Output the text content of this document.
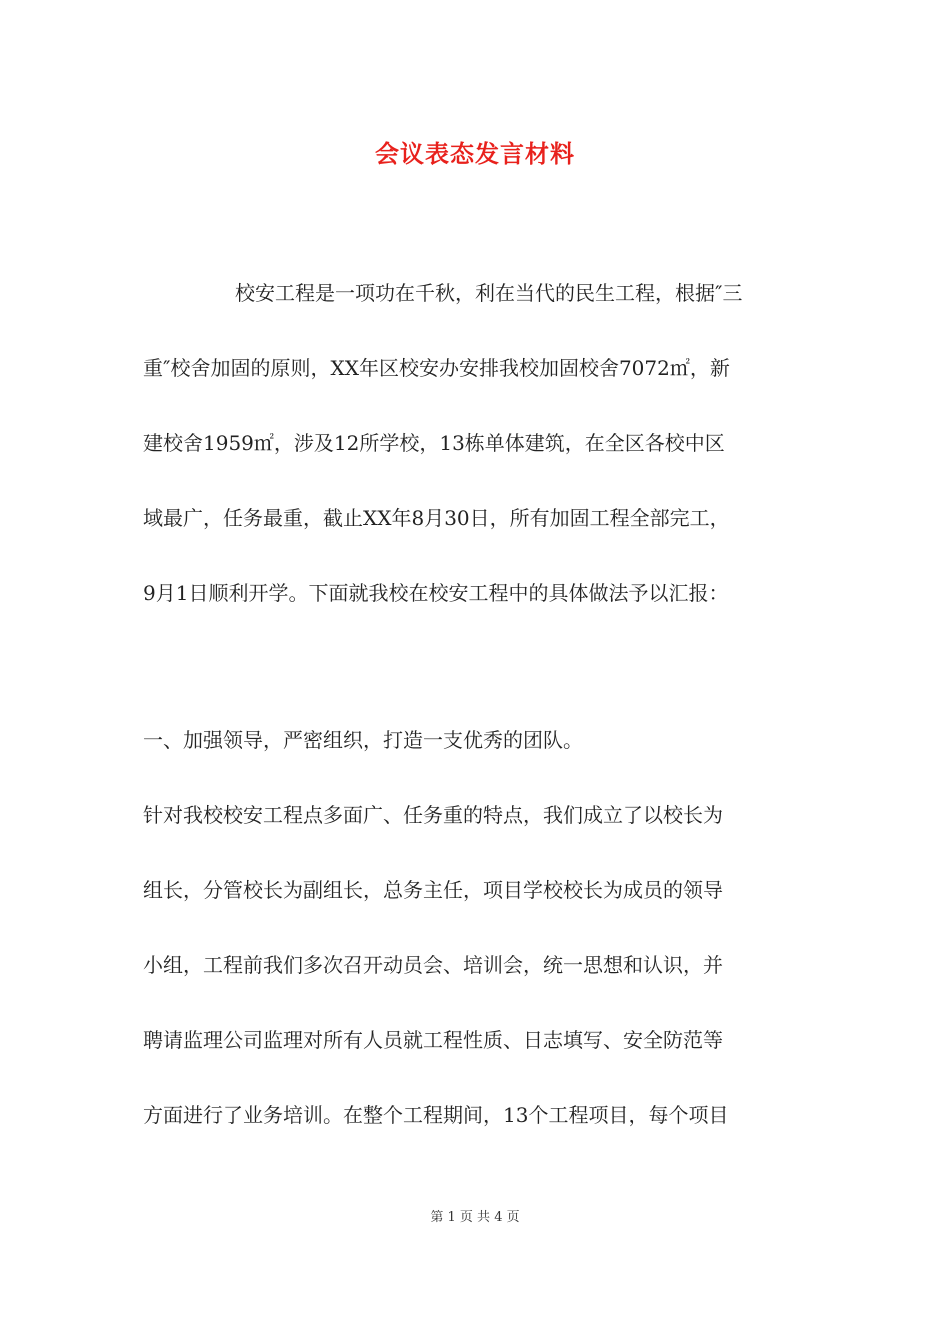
会议表态发言材料

校安工程是一项功在千秋，利在当代的民生工程，根据″三

重″校舍加固的原则，XX年区校安办安排我校加固校舍7072㎡，新

建校舍1959㎡，涉及12所学校，13栋单体建筑，在全区各校中区

域最广，任务最重，截止XX年8月30日，所有加固工程全部完工，

9月1日顺利开学。下面就我校在校安工程中的具体做法予以汇报：

一、加强领导，严密组织，打造一支优秀的团队。

针对我校校安工程点多面广、任务重的特点，我们成立了以校长为

组长，分管校长为副组长，总务主任，项目学校校长为成员的领导

小组，工程前我们多次召开动员会、培训会，统一思想和认识，并

聘请监理公司监理对所有人员就工程性质、日志填写、安全防范等

方面进行了业务培训。在整个工程期间，13个工程项目，每个项目

第 1 页 共 4 页
